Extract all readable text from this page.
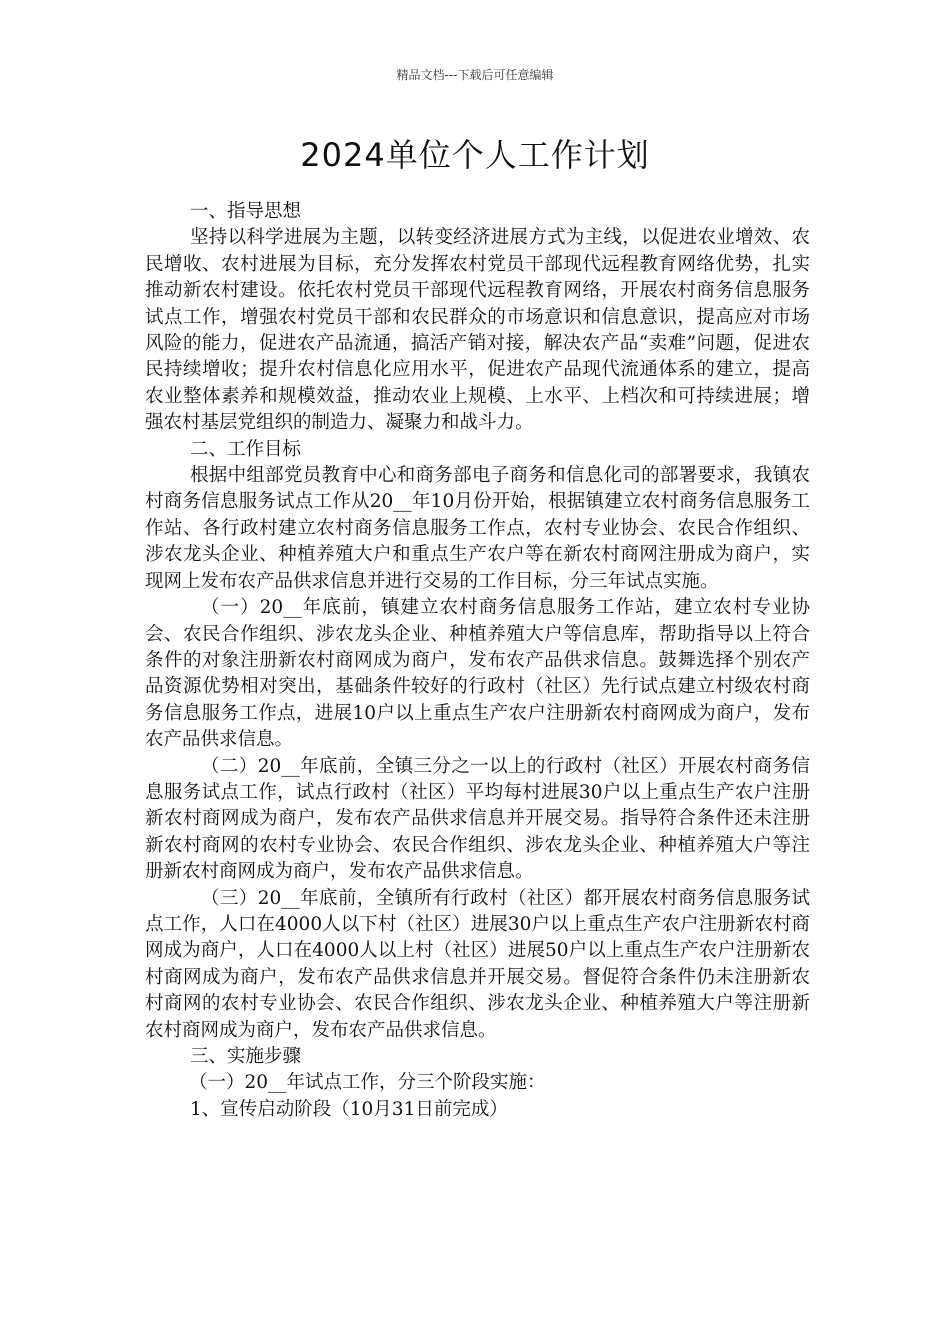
精品文档---下载后可任意编辑
2024单位个人工作计划

一、指导思想

坚持以科学进展为主题，以转变经济进展方式为主线，以促进农业增效、农民增收、农村进展为目标，充分发挥农村党员干部现代远程教育网络优势，扎实推动新农村建设。依托农村党员干部现代远程教育网络，开展农村商务信息服务试点工作，增强农村党员干部和农民群众的市场意识和信息意识，提高应对市场风险的能力，促进农产品流通，搞活产销对接，解决农产品“卖难”问题，促进农民持续增收；提升农村信息化应用水平，促进农产品现代流通体系的建立，提高农业整体素养和规模效益，推动农业上规模、上水平、上档次和可持续进展；增强农村基层党组织的制造力、凝聚力和战斗力。

二、工作目标

根据中组部党员教育中心和商务部电子商务和信息化司的部署要求，我镇农村商务信息服务试点工作从20__年10月份开始，根据镇建立农村商务信息服务工作站、各行政村建立农村商务信息服务工作点，农村专业协会、农民合作组织、涉农龙头企业、种植养殖大户和重点生产农户等在新农村商网注册成为商户，实现网上发布农产品供求信息并进行交易的工作目标，分三年试点实施。

（一）20__年底前，镇建立农村商务信息服务工作站，建立农村专业协会、农民合作组织、涉农龙头企业、种植养殖大户等信息库，帮助指导以上符合条件的对象注册新农村商网成为商户，发布农产品供求信息。鼓舞选择个别农产品资源优势相对突出，基础条件较好的行政村（社区）先行试点建立村级农村商务信息服务工作点，进展10户以上重点生产农户注册新农村商网成为商户，发布农产品供求信息。

（二）20__年底前，全镇三分之一以上的行政村（社区）开展农村商务信息服务试点工作，试点行政村（社区）平均每村进展30户以上重点生产农户注册新农村商网成为商户，发布农产品供求信息并开展交易。指导符合条件还未注册新农村商网的农村专业协会、农民合作组织、涉农龙头企业、种植养殖大户等注册新农村商网成为商户，发布农产品供求信息。

（三）20__年底前，全镇所有行政村（社区）都开展农村商务信息服务试点工作，人口在4000人以下村（社区）进展30户以上重点生产农户注册新农村商网成为商户，人口在4000人以上村（社区）进展50户以上重点生产农户注册新农村商网成为商户，发布农产品供求信息并开展交易。督促符合条件仍未注册新农村商网的农村专业协会、农民合作组织、涉农龙头企业、种植养殖大户等注册新农村商网成为商户，发布农产品供求信息。

三、实施步骤

（一）20__年试点工作，分三个阶段实施：

1、宣传启动阶段（10月31日前完成）
